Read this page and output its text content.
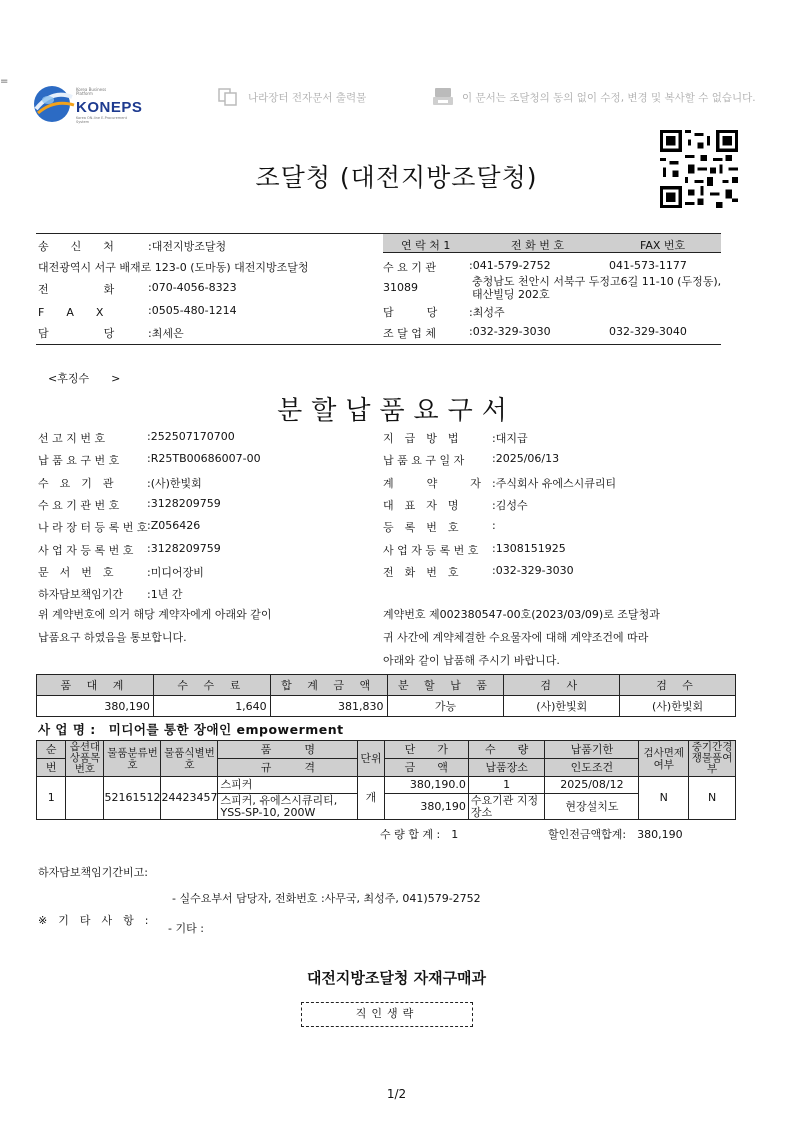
=
Korea Business Platform
KONEPS
Korea ON-line E-Procurement System
나라장터 전자문서 출력물	이 문서는 조달청의 동의 없이 수정, 변경 및 복사할 수 없습니다.
조달청 (대전지방조달청)
연 락 처 1	전 화 번 호	FAX 번호
송　　신　　처	:대전지방조달청
대전광역시 서구 배재로 123-0 (도마동) 대전지방조달청
전　　　　　화	:070-4056-8323
F　　A　　X	:0505-480-1214
담　　　　　당	:최세은
수 요 기 관	:041-579-2752	041-573-1177
31089	충청남도 천안시 서북구 두정고6길 11-10 (두정동), 태산빌딩 202호
담　　　당	:최성주
조 달 업 체	:032-329-3030	032-329-3040
<후징수　　>
분할납품요구서
선 고 지 번 호	:252507170700
납 품 요 구 번 호	:R25TB00686007-00
수　요　기　관	:(사)한빛회
수 요 기 관 번 호	:3128209759
나 라 장 터 등 록 번 호 :Z056426
사 업 자 등 록 번 호 :3128209759
문　서　번　호	:미디어장비
하자담보책임기간 :1년 간
지　급　방　법	:대지급
납 품 요 구 일 자	:2025/06/13
계　　　약　　　자 :주식회사 유에스시큐리티
대　표　자　명	:김성수
등　록　번　호	:
사 업 자 등 록 번 호 :1308151925
전　화　번　호	:032-329-3030
위 계약번호에 의거 해당 계약자에게 아래와 같이
납품요구 하였음을 통보합니다.
계약번호 제002380547-00호(2023/03/09)로 조달청과
귀 사간에 계약체결한 수요물자에 대해 계약조건에 따라
아래와 같이 납품해 주시기 바랍니다.
품 대 계	수 수 료	합 계 금 액	분 할 납 품	검 사	검 수
380,190	1,640	381,830	가능	(사)한빛회	(사)한빛회
사 업 명 :　미디어를 통한 장애인 empowerment
순	옵션대상품목번호	물품분류번호	물품식별번호	품　　　명	단위	단　　가	수　　량	납품기한	검사면제여부	중기간경쟁물품여부
번				규　　　격		금　　액	납품장소	인도조건		
1		52161512	24423457	스피커	개	380,190.0	1	2025/08/12	N	N
				스피커, 유에스시큐리티, YSS-SP-10, 200W		380,190	수요기관 지정장소	현장설치도		
수 량 합 계 :　1	할인전금액합계:　380,190
하자담보책임기간비고:
- 실수요부서 담당자, 전화번호 :사무국, 최성주, 041)579-2752
※　기　타　사　항　:
- 기타 :
대전지방조달청 자재구매과
직인생략
1/2
